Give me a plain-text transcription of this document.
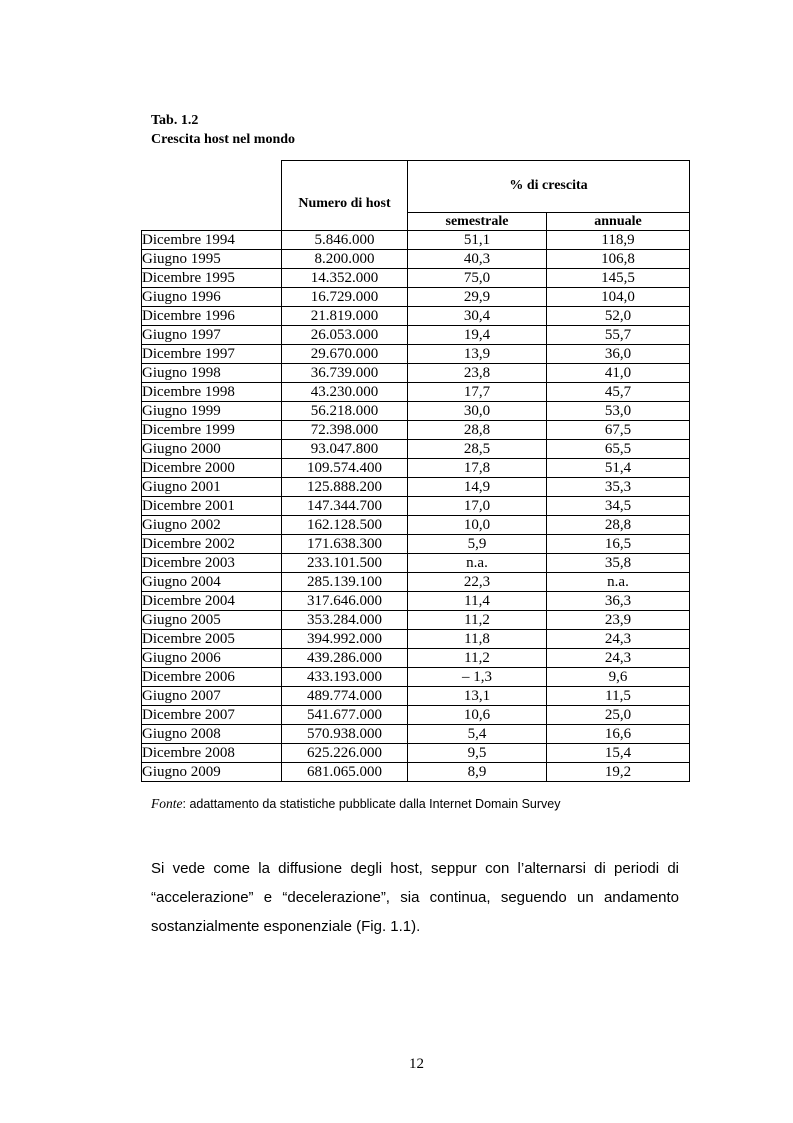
Tab. 1.2
Crescita host nel mondo
	Numero di host	% di crescita	
		semestrale	annuale
Dicembre 1994	5.846.000	51,1	118,9
Giugno 1995	8.200.000	40,3	106,8
Dicembre 1995	14.352.000	75,0	145,5
Giugno 1996	16.729.000	29,9	104,0
Dicembre 1996	21.819.000	30,4	52,0
Giugno 1997	26.053.000	19,4	55,7
Dicembre 1997	29.670.000	13,9	36,0
Giugno 1998	36.739.000	23,8	41,0
Dicembre 1998	43.230.000	17,7	45,7
Giugno 1999	56.218.000	30,0	53,0
Dicembre 1999	72.398.000	28,8	67,5
Giugno 2000	93.047.800	28,5	65,5
Dicembre 2000	109.574.400	17,8	51,4
Giugno 2001	125.888.200	14,9	35,3
Dicembre 2001	147.344.700	17,0	34,5
Giugno 2002	162.128.500	10,0	28,8
Dicembre 2002	171.638.300	5,9	16,5
Dicembre 2003	233.101.500	n.a.	35,8
Giugno 2004	285.139.100	22,3	n.a.
Dicembre 2004	317.646.000	11,4	36,3
Giugno 2005	353.284.000	11,2	23,9
Dicembre 2005	394.992.000	11,8	24,3
Giugno 2006	439.286.000	11,2	24,3
Dicembre 2006	433.193.000	– 1,3	9,6
Giugno 2007	489.774.000	13,1	11,5
Dicembre 2007	541.677.000	10,6	25,0
Giugno 2008	570.938.000	5,4	16,6
Dicembre 2008	625.226.000	9,5	15,4
Giugno 2009	681.065.000	8,9	19,2
Fonte: adattamento da statistiche pubblicate dalla Internet Domain Survey

Si vede come la diffusione degli host, seppur con l’alternarsi di periodi di “accelerazione” e “decelerazione”, sia continua, seguendo un andamento sostanzialmente esponenziale (Fig. 1.1).

12
